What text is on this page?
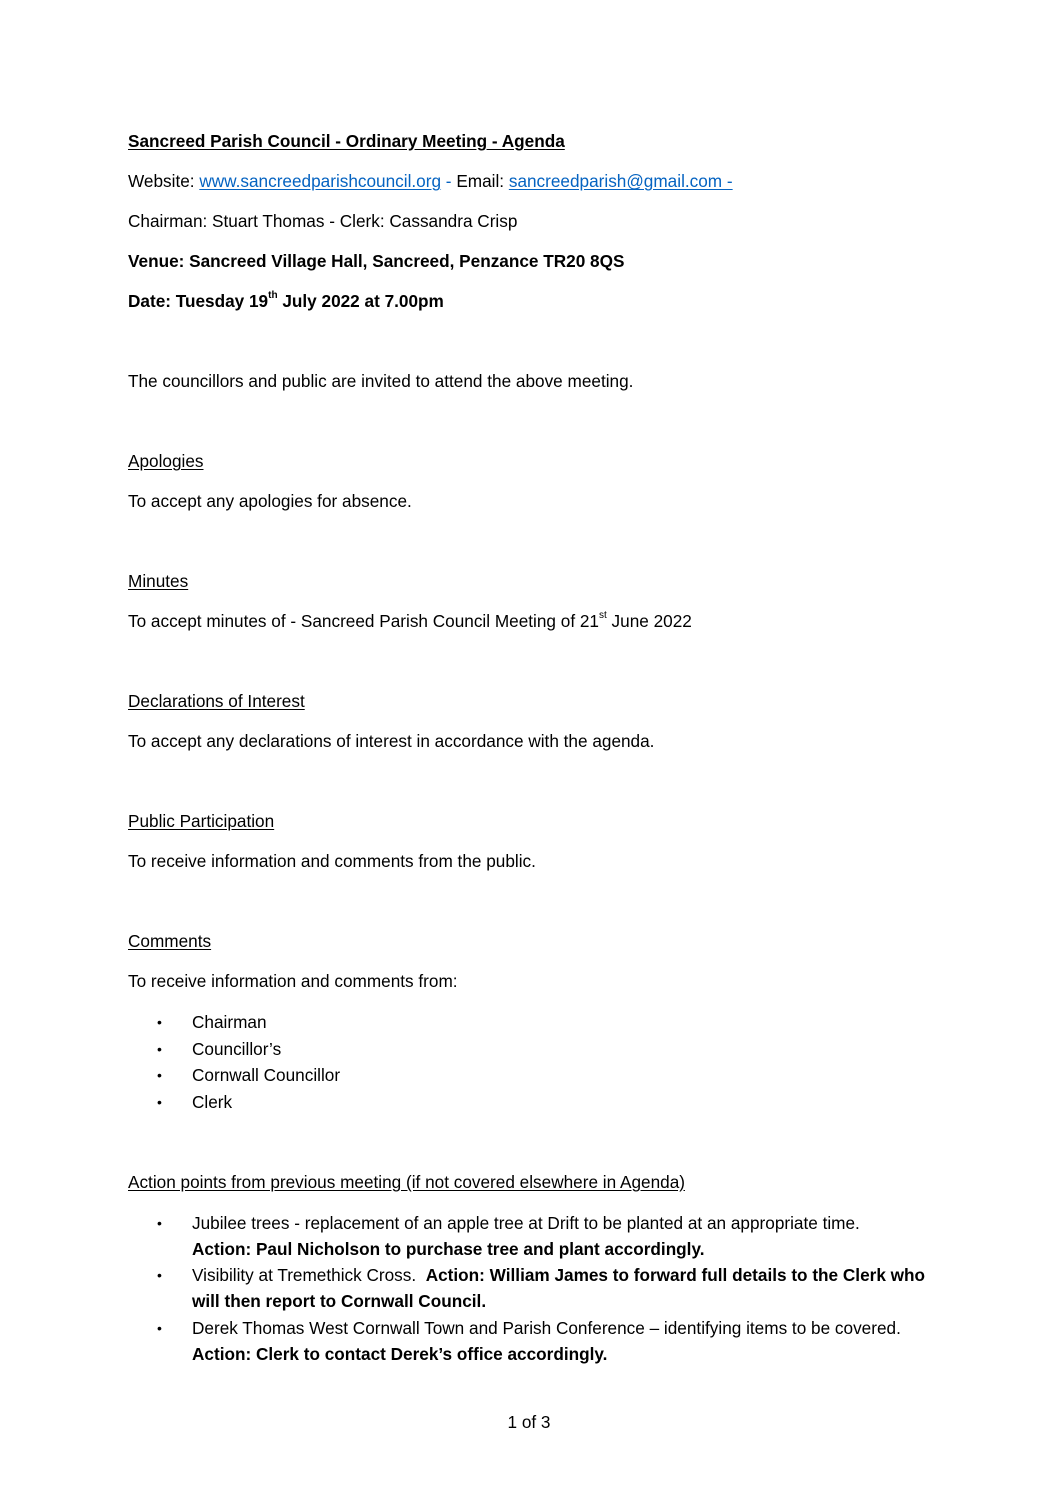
Sancreed Parish Council - Ordinary Meeting - Agenda
Website: www.sancreedparishcouncil.org - Email: sancreedparish@gmail.com -
Chairman: Stuart Thomas - Clerk: Cassandra Crisp
Venue: Sancreed Village Hall, Sancreed, Penzance TR20 8QS
Date: Tuesday 19th July 2022 at 7.00pm
The councillors and public are invited to attend the above meeting.
Apologies
To accept any apologies for absence.
Minutes
To accept minutes of - Sancreed Parish Council Meeting of 21st June 2022
Declarations of Interest
To accept any declarations of interest in accordance with the agenda.
Public Participation
To receive information and comments from the public.
Comments
To receive information and comments from:
• Chairman
• Councillor’s
• Cornwall Councillor
• Clerk
Action points from previous meeting (if not covered elsewhere in Agenda)
• Jubilee trees - replacement of an apple tree at Drift to be planted at an appropriate time.
Action: Paul Nicholson to purchase tree and plant accordingly.
• Visibility at Tremethick Cross. Action: William James to forward full details to the Clerk who
will then report to Cornwall Council.
• Derek Thomas West Cornwall Town and Parish Conference – identifying items to be covered.
Action: Clerk to contact Derek’s office accordingly.
1 of 3
